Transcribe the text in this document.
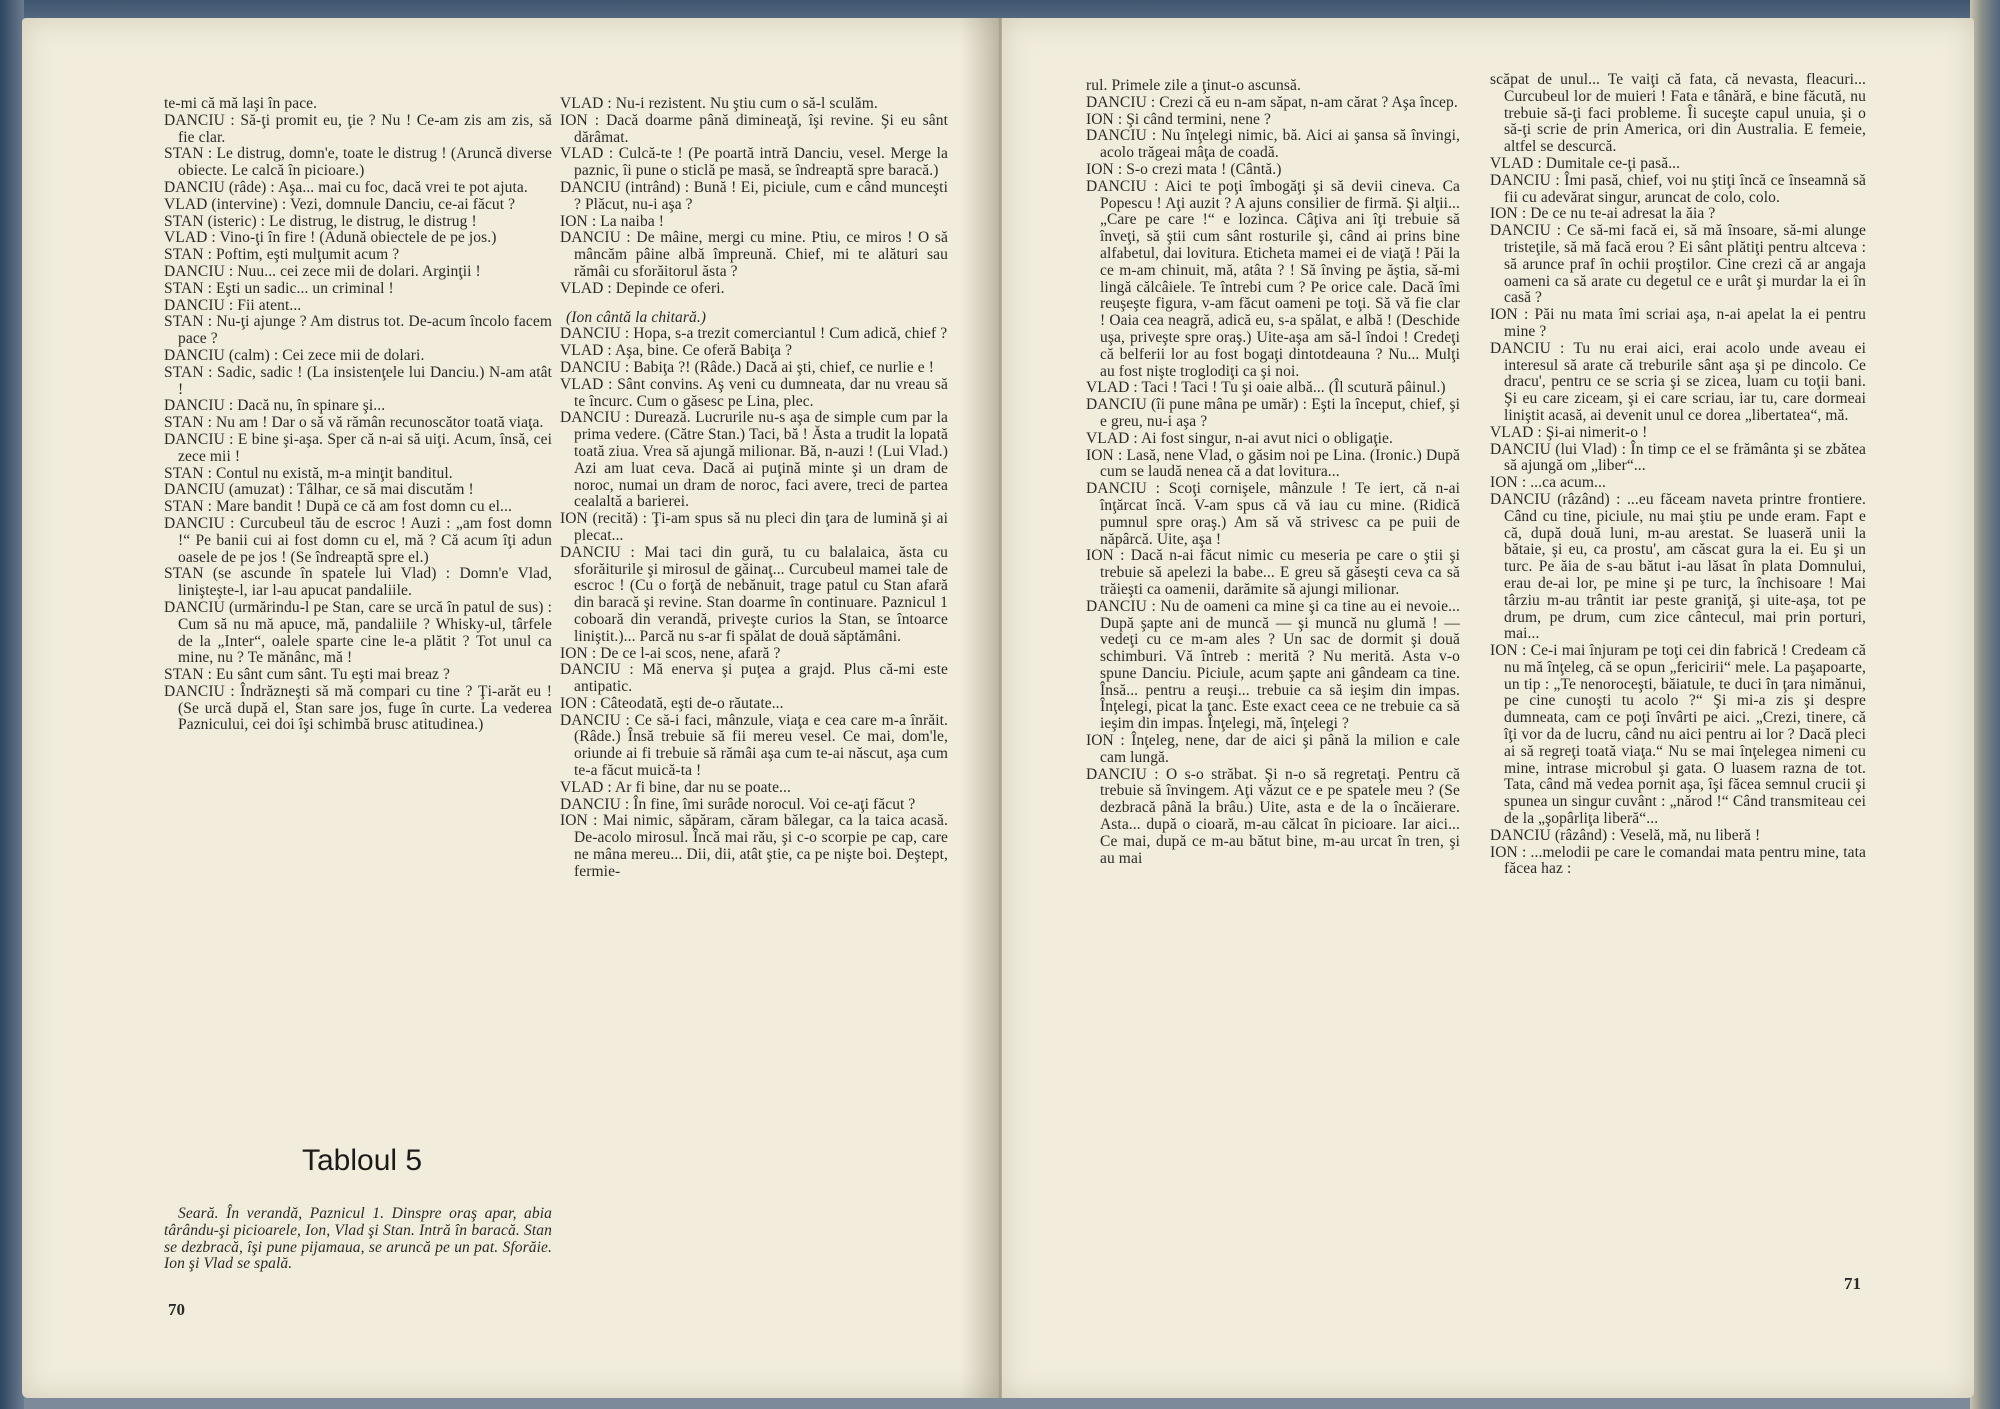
te-mi că mă laşi în pace.

DANCIU : Să-ţi promit eu, ţie ? Nu ! Ce-am zis am zis, să fie clar.

STAN : Le distrug, domn'e, toate le distrug ! (Aruncă diverse obiecte. Le calcă în picioare.)

DANCIU (râde) : Aşa... mai cu foc, dacă vrei te pot ajuta.

VLAD (intervine) : Vezi, domnule Danciu, ce-ai făcut ?

STAN (isteric) : Le distrug, le distrug, le distrug !

VLAD : Vino-ţi în fire ! (Adună obiectele de pe jos.)

STAN : Poftim, eşti mulţumit acum ?

DANCIU : Nuu... cei zece mii de dolari. Arginţii !

STAN : Eşti un sadic... un criminal !

DANCIU : Fii atent...

STAN : Nu-ţi ajunge ? Am distrus tot. De-acum încolo facem pace ?

DANCIU (calm) : Cei zece mii de dolari.

STAN : Sadic, sadic ! (La insistenţele lui Danciu.) N-am atât !

DANCIU : Dacă nu, în spinare şi...

STAN : Nu am ! Dar o să vă rămân recunoscător toată viaţa.

DANCIU : E bine şi-aşa. Sper că n-ai să uiţi. Acum, însă, cei zece mii !

STAN : Contul nu există, m-a minţit banditul.

DANCIU (amuzat) : Tâlhar, ce să mai discutăm !

STAN : Mare bandit ! După ce că am fost domn cu el...

DANCIU : Curcubeul tău de escroc ! Auzi : „am fost domn !“ Pe banii cui ai fost domn cu el, mă ? Că acum îţi adun oasele de pe jos ! (Se îndreaptă spre el.)

STAN (se ascunde în spatele lui Vlad) : Domn'e Vlad, linişteşte-l, iar l-au apucat pandaliile.

DANCIU (urmărindu-l pe Stan, care se urcă în patul de sus) : Cum să nu mă apuce, mă, pandaliile ? Whisky-ul, târfele de la „Inter“, oalele sparte cine le-a plătit ? Tot unul ca mine, nu ? Te mănânc, mă !

STAN : Eu sânt cum sânt. Tu eşti mai breaz ?

DANCIU : Îndrăzneşti să mă compari cu tine ? Ţi-arăt eu ! (Se urcă după el, Stan sare jos, fuge în curte. La vederea Paznicului, cei doi îşi schimbă brusc atitudinea.)

Tabloul 5

Seară. În verandă, Paznicul 1. Dinspre oraş apar, abia târându-şi picioarele, Ion, Vlad şi Stan. Intră în baracă. Stan se dezbracă, îşi pune pijamaua, se aruncă pe un pat. Sforăie. Ion şi Vlad se spală.

VLAD : Nu-i rezistent. Nu ştiu cum o să-l sculăm.

ION : Dacă doarme până dimineaţă, îşi revine. Şi eu sânt dărâmat.

VLAD : Culcă-te ! (Pe poartă intră Danciu, vesel. Merge la paznic, îi pune o sticlă pe masă, se îndreaptă spre baracă.)

DANCIU (intrând) : Bună ! Ei, piciule, cum e când munceşti ? Plăcut, nu-i aşa ?

ION : La naiba !

DANCIU : De mâine, mergi cu mine. Ptiu, ce miros ! O să mâncăm pâine albă împreună. Chief, mi te alături sau rămâi cu sforăitorul ăsta ?

VLAD : Depinde ce oferi.

(Ion cântă la chitară.)

DANCIU : Hopa, s-a trezit comerciantul ! Cum adică, chief ?

VLAD : Aşa, bine. Ce oferă Babiţa ?

DANCIU : Babiţa ?! (Râde.) Dacă ai şti, chief, ce nurlie e !

VLAD : Sânt convins. Aş veni cu dumneata, dar nu vreau să te încurc. Cum o găsesc pe Lina, plec.

DANCIU : Durează. Lucrurile nu-s aşa de simple cum par la prima vedere. (Către Stan.) Taci, bă ! Ăsta a trudit la lopată toată ziua. Vrea să ajungă milionar. Bă, n-auzi ! (Lui Vlad.) Azi am luat ceva. Dacă ai puţină minte şi un dram de noroc, numai un dram de noroc, faci avere, treci de partea cealaltă a barierei.

ION (recită) : Ţi-am spus să nu pleci din ţara de lumină şi ai plecat...

DANCIU : Mai taci din gură, tu cu balalaica, ăsta cu sforăiturile şi mirosul de găinaţ... Curcubeul mamei tale de escroc ! (Cu o forţă de nebănuit, trage patul cu Stan afară din baracă şi revine. Stan doarme în continuare. Paznicul 1 coboară din verandă, priveşte curios la Stan, se întoarce liniştit.)... Parcă nu s-ar fi spălat de două săptămâni.

ION : De ce l-ai scos, nene, afară ?

DANCIU : Mă enerva şi puţea a grajd. Plus că-mi este antipatic.

ION : Câteodată, eşti de-o răutate...

DANCIU : Ce să-i faci, mânzule, viaţa e cea care m-a înrăit. (Râde.) Însă trebuie să fii mereu vesel. Ce mai, dom'le, oriunde ai fi trebuie să rămâi aşa cum te-ai născut, aşa cum te-a făcut muică-ta !

VLAD : Ar fi bine, dar nu se poate...

DANCIU : În fine, îmi surâde norocul. Voi ce-aţi făcut ?

ION : Mai nimic, săpăram, căram bălegar, ca la taica acasă. De-acolo mirosul. Încă mai rău, şi c-o scorpie pe cap, care ne mâna mereu... Dii, dii, atât ştie, ca pe nişte boi. Deştept, fermie-

70

rul. Primele zile a ţinut-o ascunsă.

DANCIU : Crezi că eu n-am săpat, n-am cărat ? Aşa încep.

ION : Şi când termini, nene ?

DANCIU : Nu înţelegi nimic, bă. Aici ai şansa să învingi, acolo trăgeai mâţa de coadă.

ION : S-o crezi mata ! (Cântă.)

DANCIU : Aici te poţi îmbogăţi şi să devii cineva. Ca Popescu ! Aţi auzit ? A ajuns consilier de firmă. Şi alţii... „Care pe care !“ e lozinca. Câţiva ani îţi trebuie să înveţi, să ştii cum sânt rosturile şi, când ai prins bine alfabetul, dai lovitura. Eticheta mamei ei de viaţă ! Păi la ce m-am chinuit, mă, atâta ? ! Să înving pe ăştia, să-mi lingă călcâiele. Te întrebi cum ? Pe orice cale. Dacă îmi reuşeşte figura, v-am făcut oameni pe toţi. Să vă fie clar ! Oaia cea neagră, adică eu, s-a spălat, e albă ! (Deschide uşa, priveşte spre oraş.) Uite-aşa am să-l îndoi ! Credeţi că belferii lor au fost bogaţi dintotdeauna ? Nu... Mulţi au fost nişte troglodiţi ca şi noi.

VLAD : Taci ! Taci ! Tu şi oaie albă... (Îl scutură pâinul.)

DANCIU (îi pune mâna pe umăr) : Eşti la început, chief, şi e greu, nu-i aşa ?

VLAD : Ai fost singur, n-ai avut nici o obligaţie.

ION : Lasă, nene Vlad, o găsim noi pe Lina. (Ironic.) După cum se laudă nenea că a dat lovitura...

DANCIU : Scoţi cornişele, mânzule ! Te iert, că n-ai înţărcat încă. V-am spus că vă iau cu mine. (Ridică pumnul spre oraş.) Am să vă strivesc ca pe puii de năpârcă. Uite, aşa !

ION : Dacă n-ai făcut nimic cu meseria pe care o ştii şi trebuie să apelezi la babe... E greu să găseşti ceva ca să trăieşti ca oamenii, darămite să ajungi milionar.

DANCIU : Nu de oameni ca mine şi ca tine au ei nevoie... După şapte ani de muncă — şi muncă nu glumă ! — vedeţi cu ce m-am ales ? Un sac de dormit şi două schimburi. Vă întreb : merită ? Nu merită. Asta v-o spune Danciu. Piciule, acum şapte ani gândeam ca tine. Însă... pentru a reuşi... trebuie ca să ieşim din impas. Înţelegi, picat la ţanc. Este exact ceea ce ne trebuie ca să ieşim din impas. Înţelegi, mă, înţelegi ?

ION : Înţeleg, nene, dar de aici şi până la milion e cale cam lungă.

DANCIU : O s-o străbat. Şi n-o să regretaţi. Pentru că trebuie să învingem. Aţi văzut ce e pe spatele meu ? (Se dezbracă până la brâu.) Uite, asta e de la o încăierare. Asta... după o cioară, m-au călcat în picioare. Iar aici... Ce mai, după ce m-au bătut bine, m-au urcat în tren, şi au mai

scăpat de unul... Te vaiţi că fata, că nevasta, fleacuri... Curcubeul lor de muieri ! Fata e tânără, e bine făcută, nu trebuie să-ţi faci probleme. Îi suceşte capul unuia, şi o să-ţi scrie de prin America, ori din Australia. E femeie, altfel se descurcă.

VLAD : Dumitale ce-ţi pasă...

DANCIU : Îmi pasă, chief, voi nu ştiţi încă ce înseamnă să fii cu adevărat singur, aruncat de colo, colo.

ION : De ce nu te-ai adresat la ăia ?

DANCIU : Ce să-mi facă ei, să mă însoare, să-mi alunge tristeţile, să mă facă erou ? Ei sânt plătiţi pentru altceva : să arunce praf în ochii proştilor. Cine crezi că ar angaja oameni ca să arate cu degetul ce e urât şi murdar la ei în casă ?

ION : Păi nu mata îmi scriai aşa, n-ai apelat la ei pentru mine ?

DANCIU : Tu nu erai aici, erai acolo unde aveau ei interesul să arate că treburile sânt aşa şi pe dincolo. Ce dracu', pentru ce se scria şi se zicea, luam cu toţii bani. Şi eu care ziceam, şi ei care scriau, iar tu, care dormeai liniştit acasă, ai devenit unul ce dorea „libertatea“, mă.

VLAD : Şi-ai nimerit-o !

DANCIU (lui Vlad) : În timp ce el se frământa şi se zbătea să ajungă om „liber“...

ION : ...ca acum...

DANCIU (râzând) : ...eu făceam naveta printre frontiere. Când cu tine, piciule, nu mai ştiu pe unde eram. Fapt e că, după două luni, m-au arestat. Se luaseră unii la bătaie, şi eu, ca prostu', am căscat gura la ei. Eu şi un turc. Pe ăia de s-au bătut i-au lăsat în plata Domnului, erau de-ai lor, pe mine şi pe turc, la închisoare ! Mai târziu m-au trântit iar peste graniţă, şi uite-aşa, tot pe drum, pe drum, cum zice cântecul, mai prin porturi, mai...

ION : Ce-i mai înjuram pe toţi cei din fabrică ! Credeam că nu mă înţeleg, că se opun „fericirii“ mele. La paşapoarte, un tip : „Te nenoroceşti, băiatule, te duci în ţara nimănui, pe cine cunoşti tu acolo ?“ Şi mi-a zis şi despre dumneata, cam ce poţi învârti pe aici. „Crezi, tinere, că îţi vor da de lucru, când nu aici pentru ai lor ? Dacă pleci ai să regreţi toată viaţa.“ Nu se mai înţelegea nimeni cu mine, intrase microbul şi gata. O luasem razna de tot. Tata, când mă vedea pornit aşa, îşi făcea semnul crucii şi spunea un singur cuvânt : „nărod !“ Când transmiteau cei de la „şopârliţa liberă“...

DANCIU (râzând) : Veselă, mă, nu liberă !

ION : ...melodii pe care le comandai mata pentru mine, tata făcea haz :

71
